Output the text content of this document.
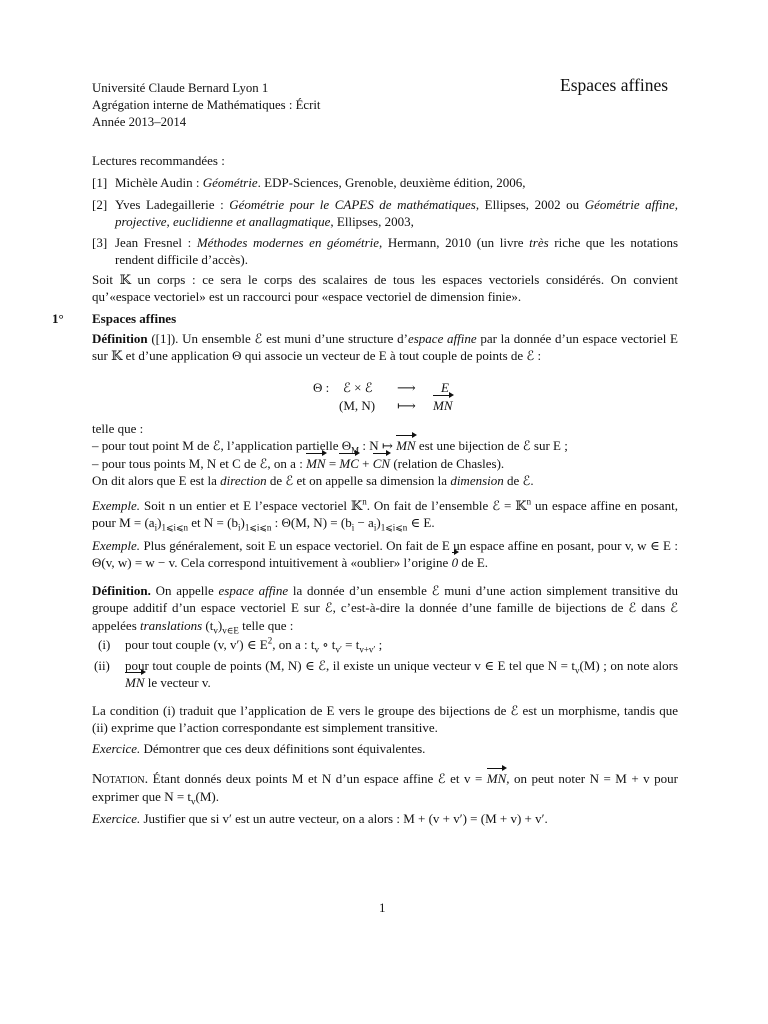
Université Claude Bernard Lyon 1
Agrégation interne de Mathématiques : Écrit
Année 2013–2014
Espaces affines
Lectures recommandées :
[1] Michèle Audin : Géométrie. EDP-Sciences, Grenoble, deuxième édition, 2006,
[2] Yves Ladegaillerie : Géométrie pour le CAPES de mathématiques, Ellipses, 2002 ou Géométrie affine, projective, euclidienne et anallagmatique, Ellipses, 2003,
[3] Jean Fresnel : Méthodes modernes en géométrie, Hermann, 2010 (un livre très riche que les notations rendent difficile d’accès).
Soit 𝕂 un corps : ce sera le corps des scalaires de tous les espaces vectoriels considérés. On convient qu’«espace vectoriel» est un raccourci pour «espace vectoriel de dimension finie».
1° Espaces affines
Définition ([1]). Un ensemble ℰ est muni d’une structure d’espace affine par la donnée d’un espace vectoriel E sur 𝕂 et d’une application Θ qui associe un vecteur de E à tout couple de points de ℰ :
Θ : ℰ × ℰ ⟶ E
(M, N) ⟼ MN
telle que :
– pour tout point M de ℰ, l’application partielle $\Theta_M$ : N ↦ MN est une bijection de ℰ sur E ;
– pour tous points M, N et C de ℰ, on a : MN = MC + CN (relation de Chasles).
On dit alors que E est la direction de ℰ et on appelle sa dimension la dimension de ℰ.
Exemple. Soit n un entier et E l’espace vectoriel 𝕂$^n$. On fait de l’ensemble ℰ = 𝕂$^n$ un espace affine en posant, pour $M = (a_i)_{1⩽i⩽n}$ et $N = (b_i)_{1⩽i⩽n}$ : Θ(M, $N) = (b_i - a_i)_{1⩽i⩽n}$ ∈ E.
Exemple. Plus généralement, soit E un espace vectoriel. On fait de E un espace affine en posant, pour v, w ∈ E : Θ(v, w) = w − v. Cela correspond intuitivement à «oublier» l’origine 0 de E.
Définition. On appelle espace affine la donnée d’un ensemble ℰ muni d’une action simplement transitive du groupe additif d’un espace vectoriel E sur ℰ, c’est-à-dire la donnée d’une famille de bijections de ℰ dans ℰ appelées translations $(t_v)_{v\in E}$ telle que :
(i) pour tout couple (v, v′) ∈ $E^2$, on a : $t_v$ ∘ $t_{v'} = t_{v+v'}$ ;
(ii) pour tout couple de points (M, N) ∈ ℰ, il existe un unique vecteur v ∈ E tel que $N = t_v(M)$ ; on note alors MN le vecteur v.
La condition (i) traduit que l’application de E vers le groupe des bijections de ℰ est un morphisme, tandis que (ii) exprime que l’action correspondante est simplement transitive.
Exercice. Démontrer que ces deux définitions sont équivalentes.
Notation. Étant donnés deux points M et N d’un espace affine ℰ et v = MN, on peut noter N = M + v pour exprimer que $N = t_v(M)$.
Exercice. Justifier que si v′ est un autre vecteur, on a alors : M + (v + v′) = (M + v) + v′.
1
